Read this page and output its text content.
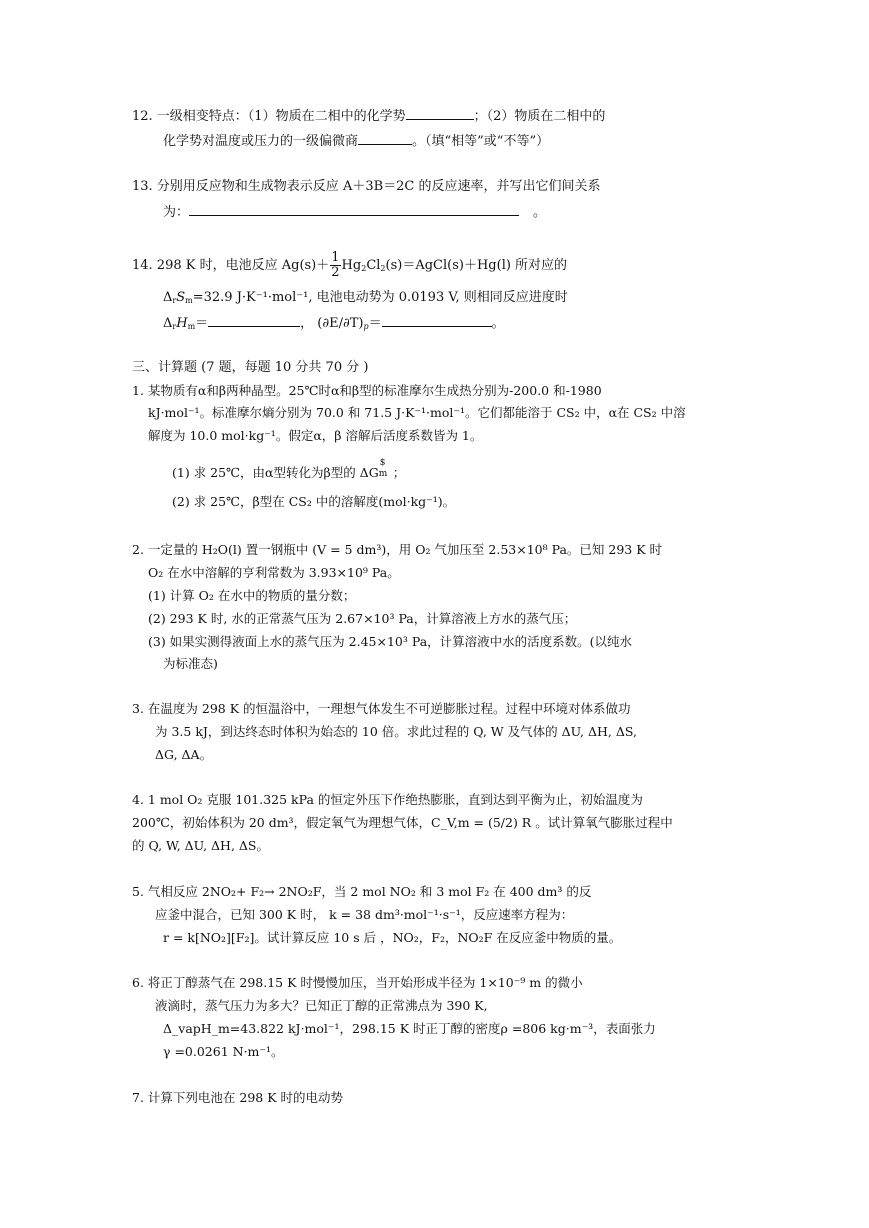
12. 一级相变特点：（1）物质在二相中的化学势	；（2）物质在二相中的
化学势对温度或压力的一级偏微商	。（填“相等”或“不等”）
13. 分别用反应物和生成物表示反应 A＋3B＝2C 的反应速率，并写出它们间关系
为：	。
14. 298 K 时，电池反应 $Ag(s)+ \frac{1}{2}$ $Hg_2Cl_2(s)=AgCl(s)+Hg(l)$ 所对应的
$\Delta_rS_m=32.9$ J·K⁻¹·mol⁻¹, 电池电动势为 0.0193 V, 则相同反应进度时
$\Delta_rH_m=$	， $(\partial E/\partial T)_p=$	。
三、计算题 (7 题，每题 10 分共 70 分 )
1. 某物质有α和β两种晶型。25℃时α和β型的标准摩尔生成热分别为-200.0 和-1980
kJ·mol⁻¹。标准摩尔熵分别为 70.0 和 71.5 J·K⁻¹·mol⁻¹。它们都能溶于 CS₂ 中，α在 CS₂ 中溶
解度为 10.0 mol·kg⁻¹。假定α，β 溶解后活度系数皆为 1。
(1) 求 25℃，由α型转化为β型的 ΔG
$
m ；
(2) 求 25℃，β型在 CS₂ 中的溶解度(mol·kg⁻¹)。
2. 一定量的 H₂O(l) 置一钢瓶中 (V = 5 dm³)，用 O₂ 气加压至 2.53×10⁸ Pa。已知 293 K 时
O₂ 在水中溶解的亨利常数为 3.93×10⁹ Pa。
(1) 计算 O₂ 在水中的物质的量分数；
(2) 293 K 时, 水的正常蒸气压为 2.67×10³ Pa，计算溶液上方水的蒸气压；
(3) 如果实测得液面上水的蒸气压为 2.45×10³ Pa，计算溶液中水的活度系数。(以纯水
为标准态)
3. 在温度为 298 K 的恒温浴中，一理想气体发生不可逆膨胀过程。过程中环境对体系做功
为 3.5 kJ，到达终态时体积为始态的 10 倍。求此过程的 Q, W 及气体的 ΔU, ΔH, ΔS,
ΔG, ΔA。
4. 1 mol O₂ 克服 101.325 kPa 的恒定外压下作绝热膨胀，直到达到平衡为止，初始温度为
200℃，初始体积为 20 dm³，假定氧气为理想气体，C_V,m = (5/2) R 。试计算氧气膨胀过程中
的 Q, W, ΔU, ΔH, ΔS。
5. 气相反应 2NO₂+ F₂→ 2NO₂F，当 2 mol NO₂ 和 3 mol F₂ 在 400 dm³ 的反
应釜中混合，已知 300 K 时， k = 38 dm³·mol⁻¹·s⁻¹，反应速率方程为：
r = k[NO₂][F₂]。试计算反应 10 s 后 ，NO₂，F₂，NO₂F 在反应釜中物质的量。
6. 将正丁醇蒸气在 298.15 K 时慢慢加压，当开始形成半径为 1×10⁻⁹ m 的微小
液滴时，蒸气压力为多大？已知正丁醇的正常沸点为 390 K,
Δ_vapH_m=43.822 kJ·mol⁻¹，298.15 K 时正丁醇的密度ρ =806 kg·m⁻³，表面张力
γ =0.0261 N·m⁻¹。
7. 计算下列电池在 298 K 时的电动势
